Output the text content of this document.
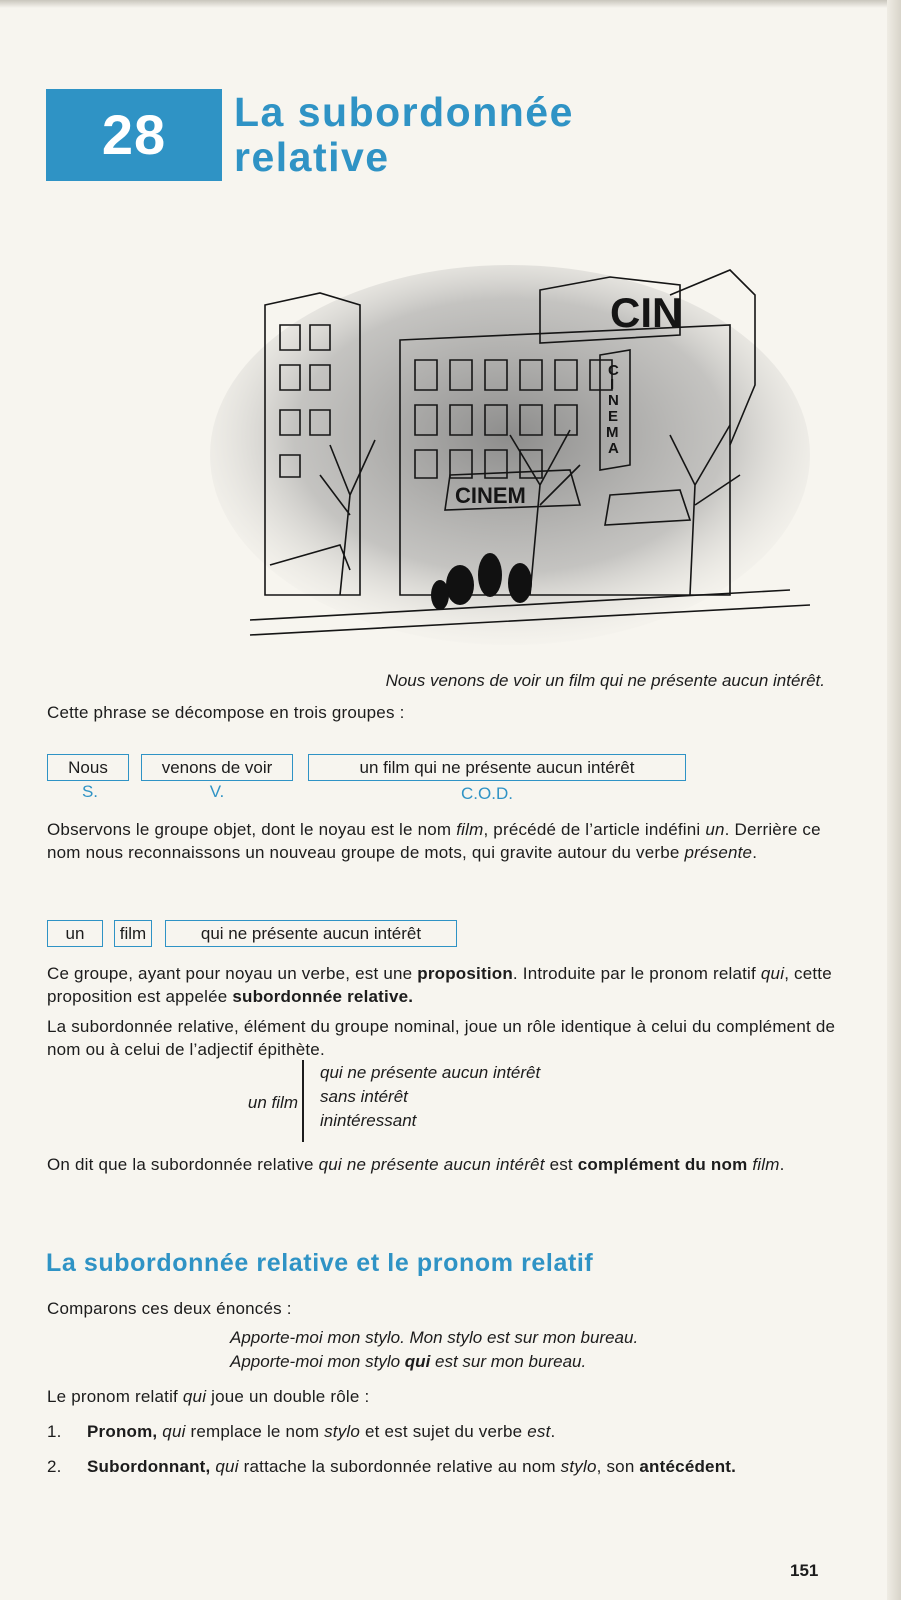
28	La subordonnée
relative
CIN
C
I
N
E
M
A
CINEM
Nous venons de voir un film qui ne présente aucun intérêt.
Cette phrase se décompose en trois groupes :
Nous	venons de voir	un film qui ne présente aucun intérêt
S.	V.	C.O.D.
Observons le groupe objet, dont le noyau est le nom film, précédé de l’article indéfini un. Derrière ce nom nous reconnaissons un nouveau groupe de mots, qui gravite autour du verbe présente.
un	film	qui ne présente aucun intérêt
Ce groupe, ayant pour noyau un verbe, est une proposition. Introduite par le pronom relatif qui, cette proposition est appelée subordonnée relative.
La subordonnée relative, élément du groupe nominal, joue un rôle identique à celui du complément de nom ou à celui de l’adjectif épithète.
un film
qui ne présente aucun intérêt
sans intérêt
inintéressant
On dit que la subordonnée relative qui ne présente aucun intérêt est complément du nom film.
La subordonnée relative et le pronom relatif
Comparons ces deux énoncés :
Apporte-moi mon stylo. Mon stylo est sur mon bureau.
Apporte-moi mon stylo qui est sur mon bureau.
Le pronom relatif qui joue un double rôle :
1. Pronom, qui remplace le nom stylo et est sujet du verbe est.
2. Subordonnant, qui rattache la subordonnée relative au nom stylo, son antécédent.
151
